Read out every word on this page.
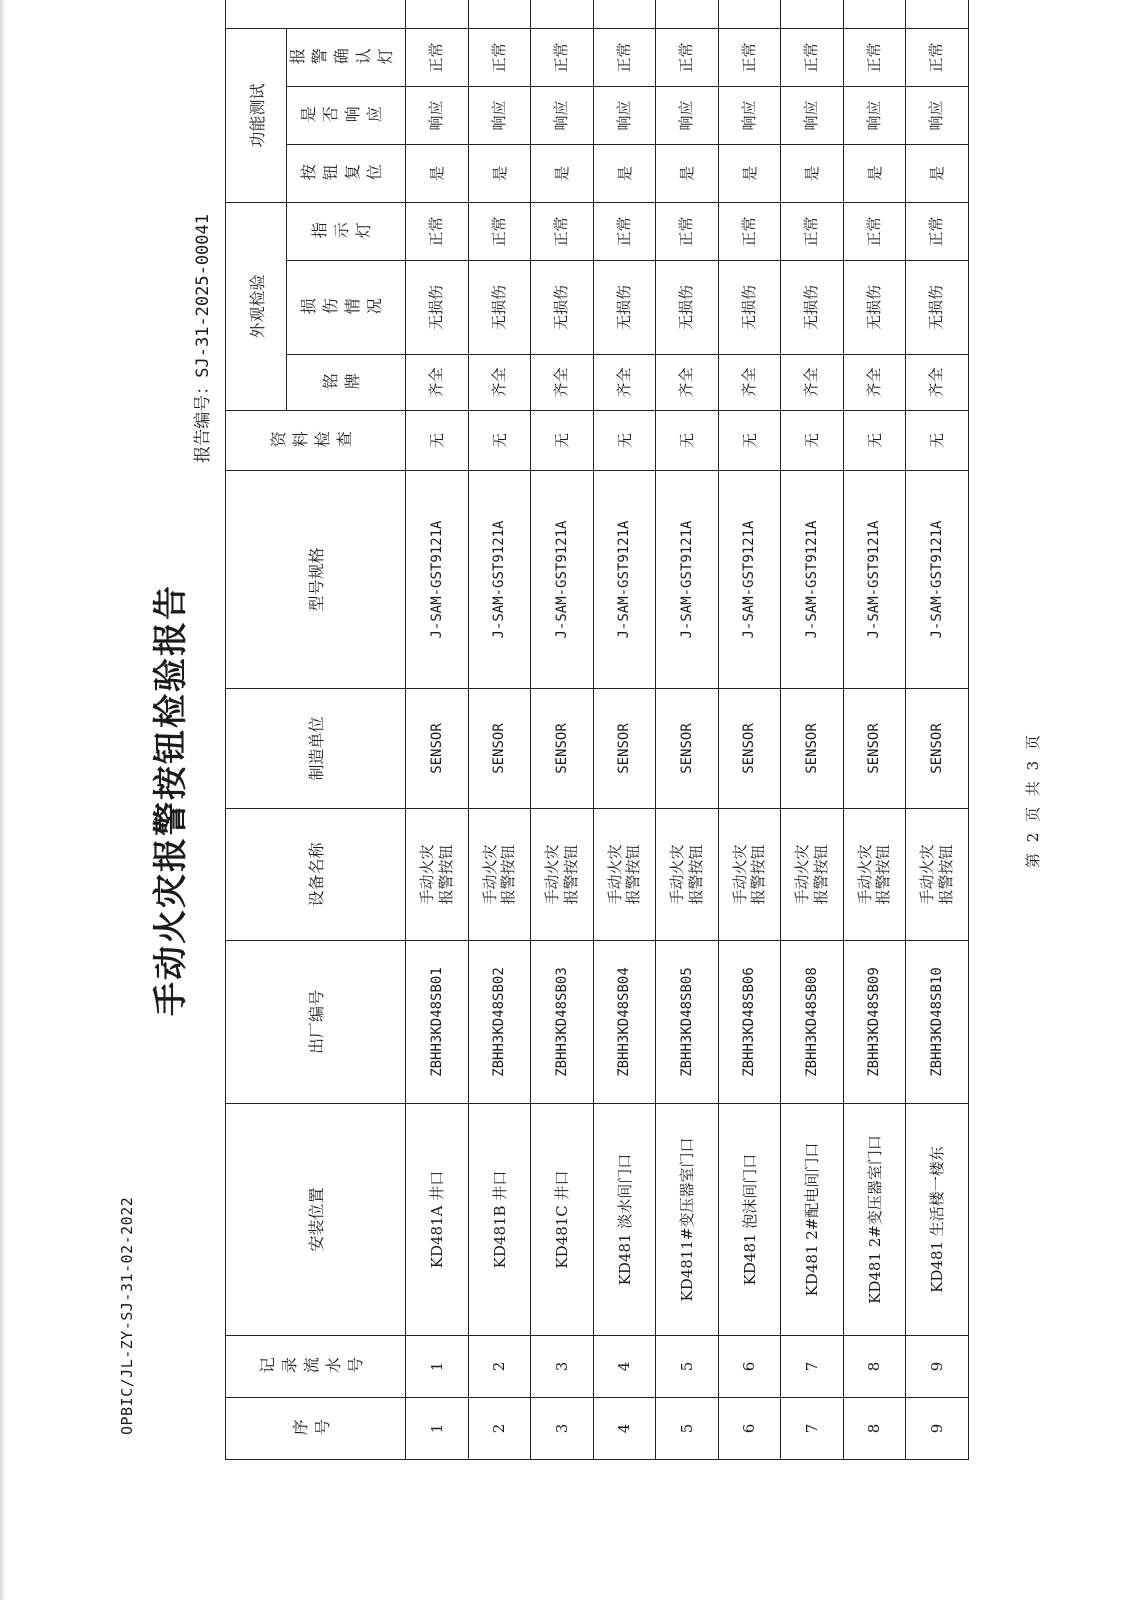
OPBIC/JL-ZY-SJ-31-02-2022
手动火灾报警按钮检验报告
报告编号：SJ-31-2025-00041
序号	记录流水号	安装位置	出厂编号	设备名称	制造单位	型号规格	资料检查	外观检验			功能测试	
								铭牌	损伤情况	指示灯	按钮复位	是否响应	报警确认灯	
1	1	KD481A 井口	ZBHH3KD48SB01	手动火灾报警按钮	SENSOR	J-SAM-GST9121A	无	齐全	无损伤	正常	是	响应	正常	
2	2	KD481B 井口	ZBHH3KD48SB02	手动火灾报警按钮	SENSOR	J-SAM-GST9121A	无	齐全	无损伤	正常	是	响应	正常	
3	3	KD481C 井口	ZBHH3KD48SB03	手动火灾报警按钮	SENSOR	J-SAM-GST9121A	无	齐全	无损伤	正常	是	响应	正常	
4	4	KD481 淡水间门口	ZBHH3KD48SB04	手动火灾报警按钮	SENSOR	J-SAM-GST9121A	无	齐全	无损伤	正常	是	响应	正常	
5	5	KD4811#变压器室门口	ZBHH3KD48SB05	手动火灾报警按钮	SENSOR	J-SAM-GST9121A	无	齐全	无损伤	正常	是	响应	正常	
6	6	KD481 泡沫间门口	ZBHH3KD48SB06	手动火灾报警按钮	SENSOR	J-SAM-GST9121A	无	齐全	无损伤	正常	是	响应	正常	
7	7	KD481 2#配电间门口	ZBHH3KD48SB08	手动火灾报警按钮	SENSOR	J-SAM-GST9121A	无	齐全	无损伤	正常	是	响应	正常	
8	8	KD481 2#变压器室门口	ZBHH3KD48SB09	手动火灾报警按钮	SENSOR	J-SAM-GST9121A	无	齐全	无损伤	正常	是	响应	正常	
9	9	KD481 生活楼一楼东	ZBHH3KD48SB10	手动火灾报警按钮	SENSOR	J-SAM-GST9121A	无	齐全	无损伤	正常	是	响应	正常	
第 2 页 共 3 页
